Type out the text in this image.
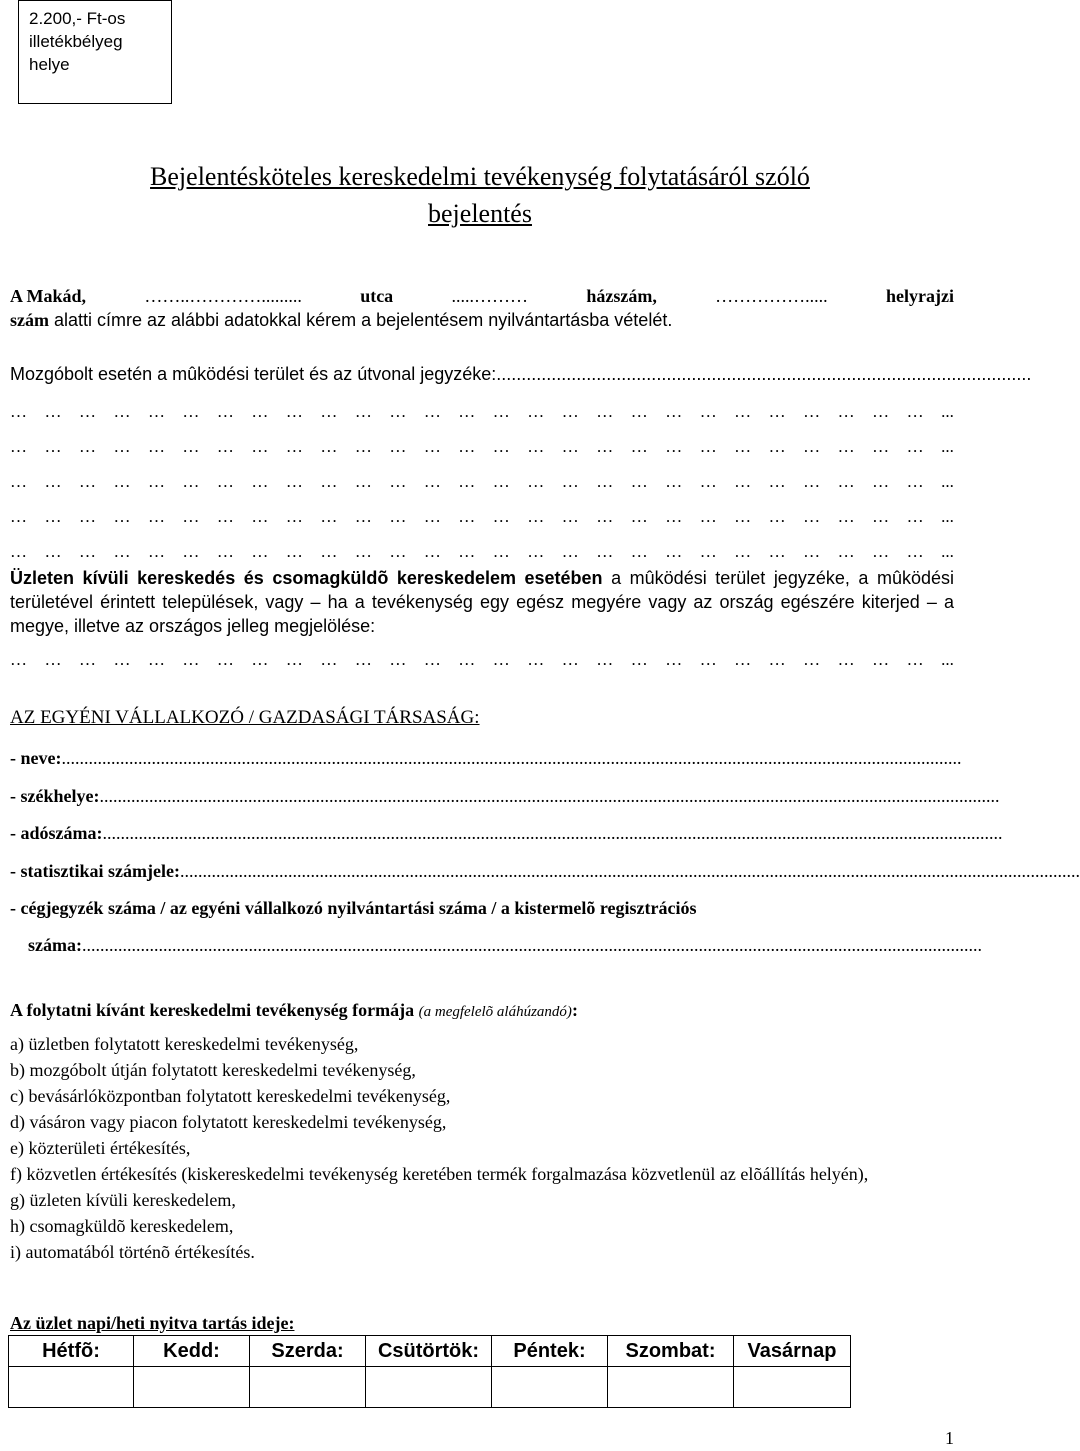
2.200,- Ft-os
illetékbélyeg
helye
Bejelentésköteles kereskedelmi tevékenység folytatásáról szóló
bejelentés
A Makád,	……..………….........	utca	.....………	házszám,	…………….....	helyrajzi
szám alatti címre az alábbi adatokkal kérem a bejelentésem nyilvántartásba vételét.
Mozgóbolt esetén a mûködési terület és az útvonal jegyzéke:...........................................................................................................
… … … … … … … … … … … … … … … … … … … … … … … … … … … ...
… … … … … … … … … … … … … … … … … … … … … … … … … … … ...
… … … … … … … … … … … … … … … … … … … … … … … … … … … ...
… … … … … … … … … … … … … … … … … … … … … … … … … … … ...
… … … … … … … … … … … … … … … … … … … … … … … … … … … ...
Üzleten kívüli kereskedés és csomagküldõ kereskedelem esetében a mûködési terület jegyzéke, a mûködési területével érintett települések, vagy – ha a tevékenység egy egész megyére vagy az ország egészére kiterjed – a megye, illetve az országos jelleg megjelölése:
… … … … … … … … … … … … … … … … … … … … … … … … … … … ...
AZ EGYÉNI VÁLLALKOZÓ / GAZDASÁGI TÁRSASÁG:
- neve: ........................................................................................................................................................................................................
- székhelye: ........................................................................................................................................................................................................
- adószáma: ........................................................................................................................................................................................................
- statisztikai számjele: ........................................................................................................................................................................................................
- cégjegyzék száma / az egyéni vállalkozó nyilvántartási száma / a kistermelõ regisztrációs
száma: ........................................................................................................................................................................................................
A folytatni kívánt kereskedelmi tevékenység formája (a megfelelõ aláhúzandó):
a) üzletben folytatott kereskedelmi tevékenység,
b) mozgóbolt útján folytatott kereskedelmi tevékenység,
c) bevásárlóközpontban folytatott kereskedelmi tevékenység,
d) vásáron vagy piacon folytatott kereskedelmi tevékenység,
e) közterületi értékesítés,
f) közvetlen értékesítés (kiskereskedelmi tevékenység keretében termék forgalmazása közvetlenül az elõállítás helyén),
g) üzleten kívüli kereskedelem,
h) csomagküldõ kereskedelem,
i) automatából történõ értékesítés.
Az üzlet napi/heti nyitva tartás ideje:
Hétfõ:	Kedd:	Szerda:	Csütörtök:	Péntek:	Szombat:	Vasárnap

1
